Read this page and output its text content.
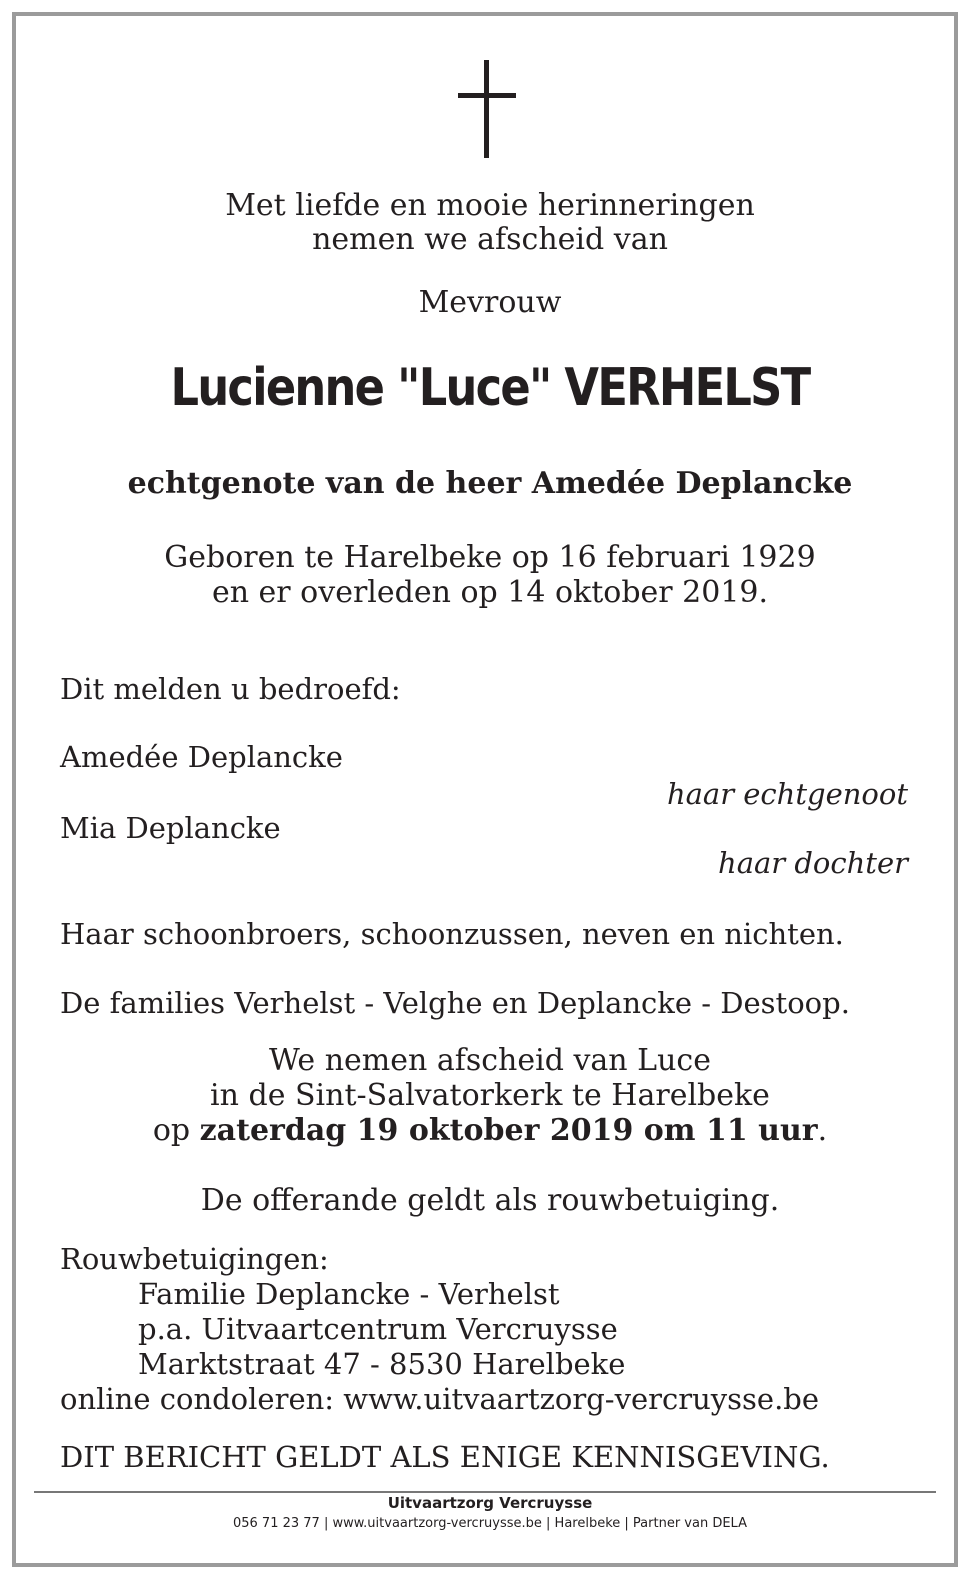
Met liefde en mooie herinneringen
nemen we afscheid van
Mevrouw
Lucienne "Luce" VERHELST
echtgenote van de heer Amedée Deplancke
Geboren te Harelbeke op 16 februari 1929
en er overleden op 14 oktober 2019.
Dit melden u bedroefd:
Amedée Deplancke
haar echtgenoot
Mia Deplancke
haar dochter
Haar schoonbroers, schoonzussen, neven en nichten.
De families Verhelst - Velghe en Deplancke - Destoop.
We nemen afscheid van Luce
in de Sint-Salvatorkerk te Harelbeke
op zaterdag 19 oktober 2019 om 11 uur.
De offerande geldt als rouwbetuiging.
Rouwbetuigingen:
Familie Deplancke - Verhelst
p.a. Uitvaartcentrum Vercruysse
Marktstraat 47 - 8530 Harelbeke
online condoleren: www.uitvaartzorg-vercruysse.be
DIT BERICHT GELDT ALS ENIGE KENNISGEVING.
Uitvaartzorg Vercruysse
056 71 23 77 | www.uitvaartzorg-vercruysse.be | Harelbeke | Partner van DELA
